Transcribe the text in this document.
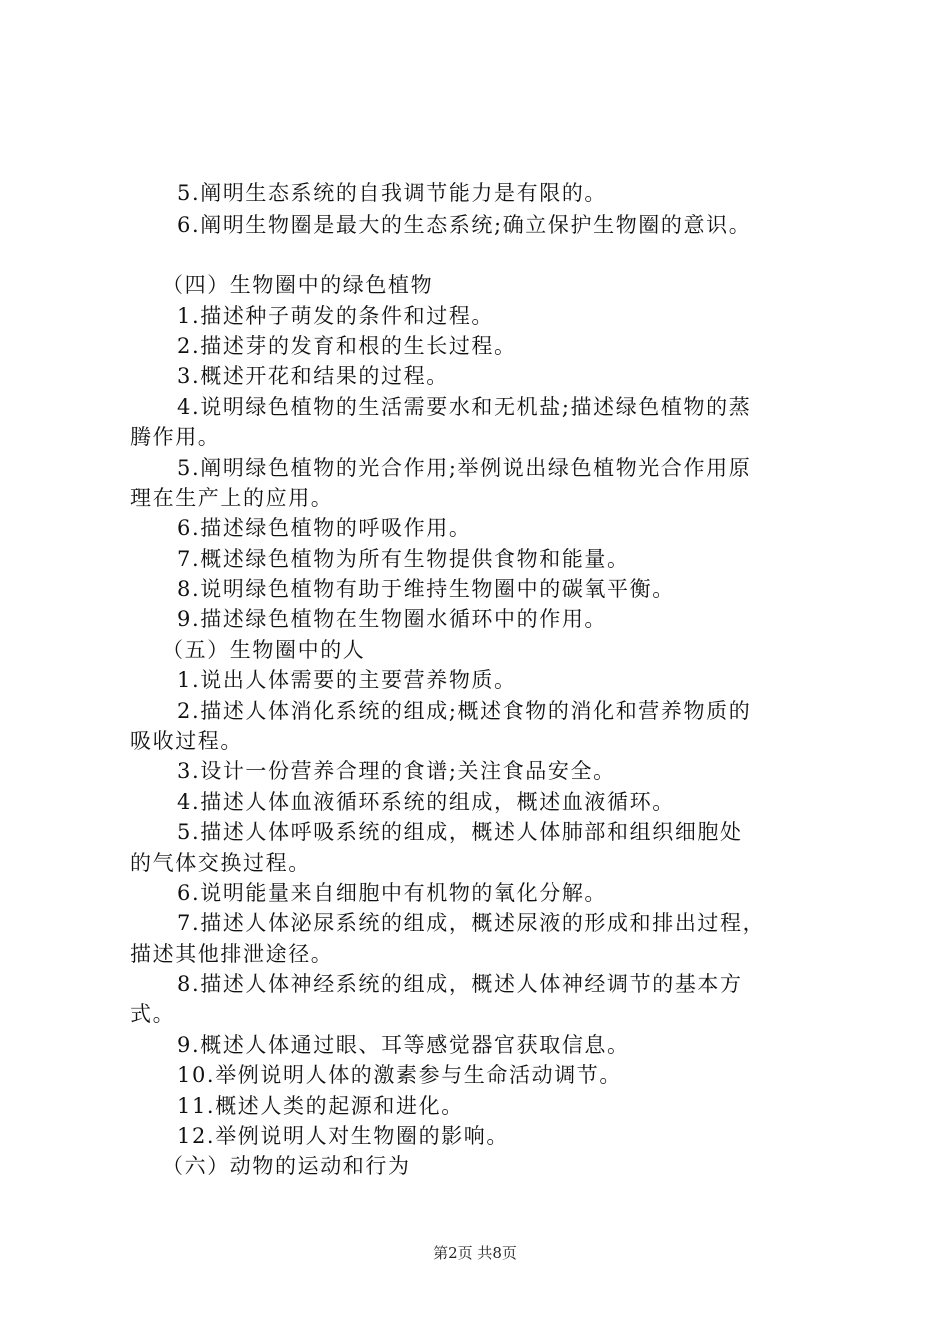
5.阐明生态系统的自我调节能力是有限的。
6.阐明生物圈是最大的生态系统;确立保护生物圈的意识。
（四）生物圈中的绿色植物
1.描述种子萌发的条件和过程。
2.描述芽的发育和根的生长过程。
3.概述开花和结果的过程。
4.说明绿色植物的生活需要水和无机盐;描述绿色植物的蒸
腾作用。
5.阐明绿色植物的光合作用;举例说出绿色植物光合作用原
理在生产上的应用。
6.描述绿色植物的呼吸作用。
7.概述绿色植物为所有生物提供食物和能量。
8.说明绿色植物有助于维持生物圈中的碳氧平衡。
9.描述绿色植物在生物圈水循环中的作用。
（五）生物圈中的人
1.说出人体需要的主要营养物质。
2.描述人体消化系统的组成;概述食物的消化和营养物质的
吸收过程。
3.设计一份营养合理的食谱;关注食品安全。
4.描述人体血液循环系统的组成，概述血液循环。
5.描述人体呼吸系统的组成，概述人体肺部和组织细胞处
的气体交换过程。
6.说明能量来自细胞中有机物的氧化分解。
7.描述人体泌尿系统的组成，概述尿液的形成和排出过程，
描述其他排泄途径。
8.描述人体神经系统的组成，概述人体神经调节的基本方
式。
9.概述人体通过眼、耳等感觉器官获取信息。
10.举例说明人体的激素参与生命活动调节。
11.概述人类的起源和进化。
12.举例说明人对生物圈的影响。
（六）动物的运动和行为
第2页 共8页
